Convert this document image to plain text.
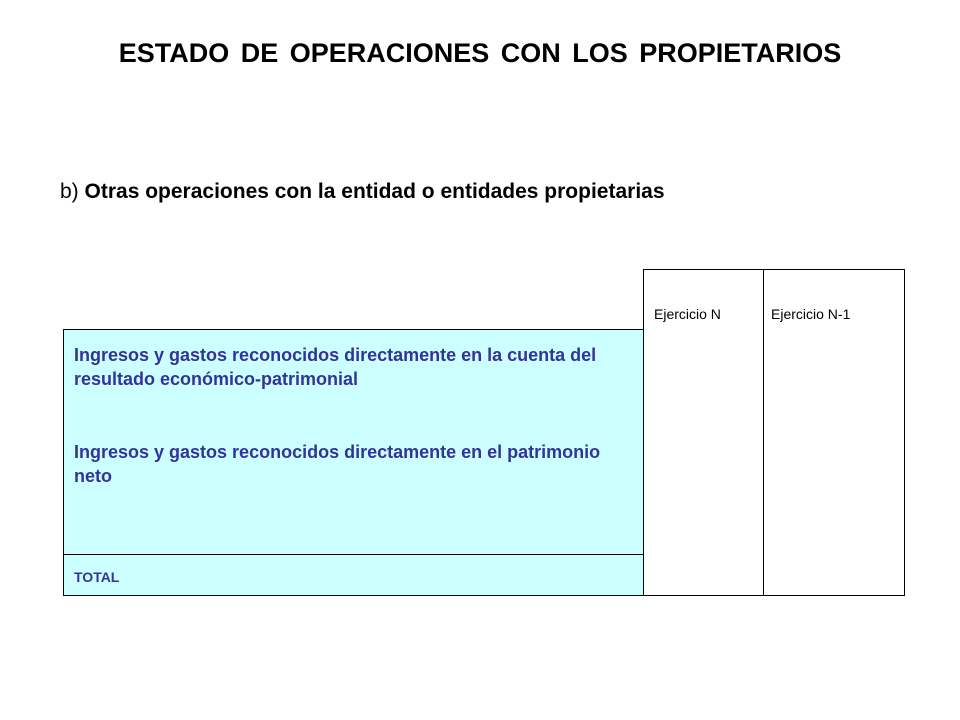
ESTADO DE OPERACIONES CON LOS PROPIETARIOS
b) Otras operaciones con la entidad o entidades propietarias
Ejercicio N	Ejercicio N-1
Ingresos y gastos reconocidos directamente en la cuenta del resultado económico-patrimonial
Ingresos y gastos reconocidos directamente en el patrimonio neto
TOTAL
